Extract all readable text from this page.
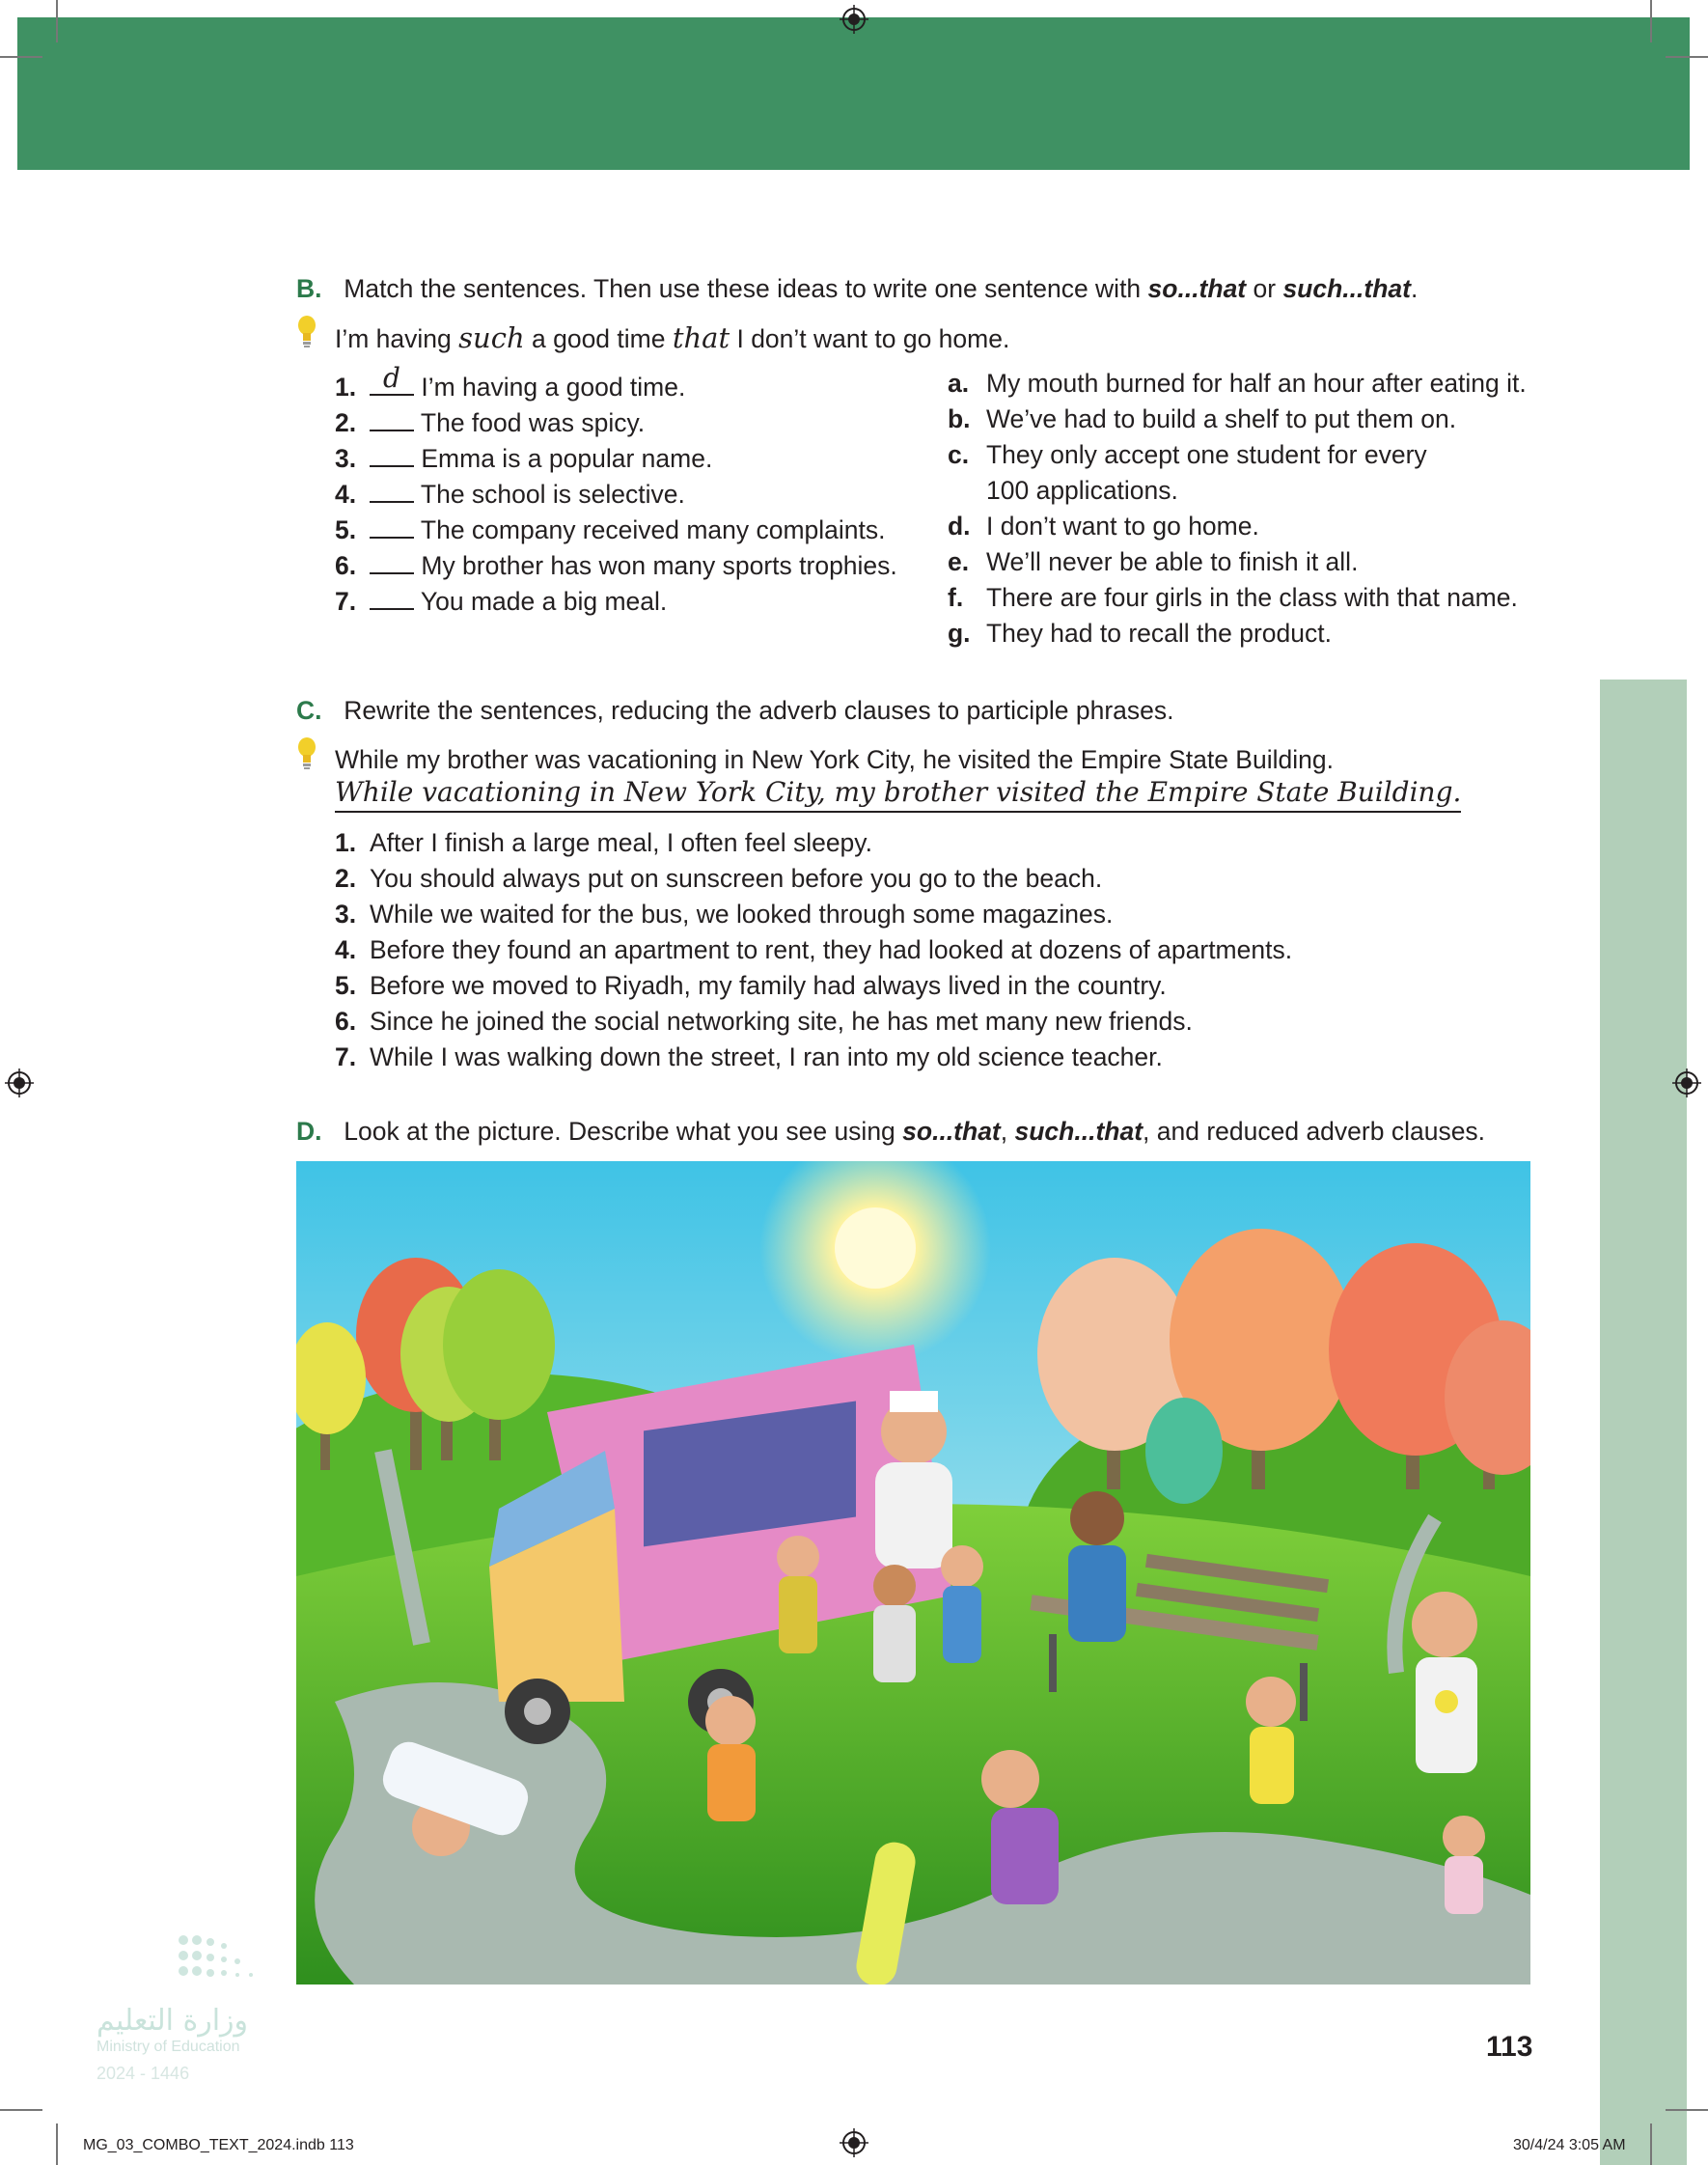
B. Match the sentences. Then use these ideas to write one sentence with so...that or such...that.
I’m having such a good time that I don’t want to go home.
1. d I’m having a good time.
2.	The food was spicy.
3.	Emma is a popular name.
4.	The school is selective.
5.	The company received many complaints.
6.	My brother has won many sports trophies.
7.	You made a big meal.
a. My mouth burned for half an hour after eating it.
b. We’ve had to build a shelf to put them on.
c. They only accept one student for every
100 applications.
d. I don’t want to go home.
e. We’ll never be able to finish it all.
f. There are four girls in the class with that name.
g. They had to recall the product.
C. Rewrite the sentences, reducing the adverb clauses to participle phrases.
While my brother was vacationing in New York City, he visited the Empire State Building.
While vacationing in New York City, my brother visited the Empire State Building.
1. After I finish a large meal, I often feel sleepy.
2. You should always put on sunscreen before you go to the beach.
3. While we waited for the bus, we looked through some magazines.
4. Before they found an apartment to rent, they had looked at dozens of apartments.
5. Before we moved to Riyadh, my family had always lived in the country.
6. Since he joined the social networking site, he has met many new friends.
7. While I was walking down the street, I ran into my old science teacher.
D. Look at the picture. Describe what you see using so...that, such...that, and reduced adverb clauses.
وزارة التعليم
Ministry of Education
2024 - 1446
113
MG_03_COMBO_TEXT_2024.indb 113	30/4/24 3:05 AM
